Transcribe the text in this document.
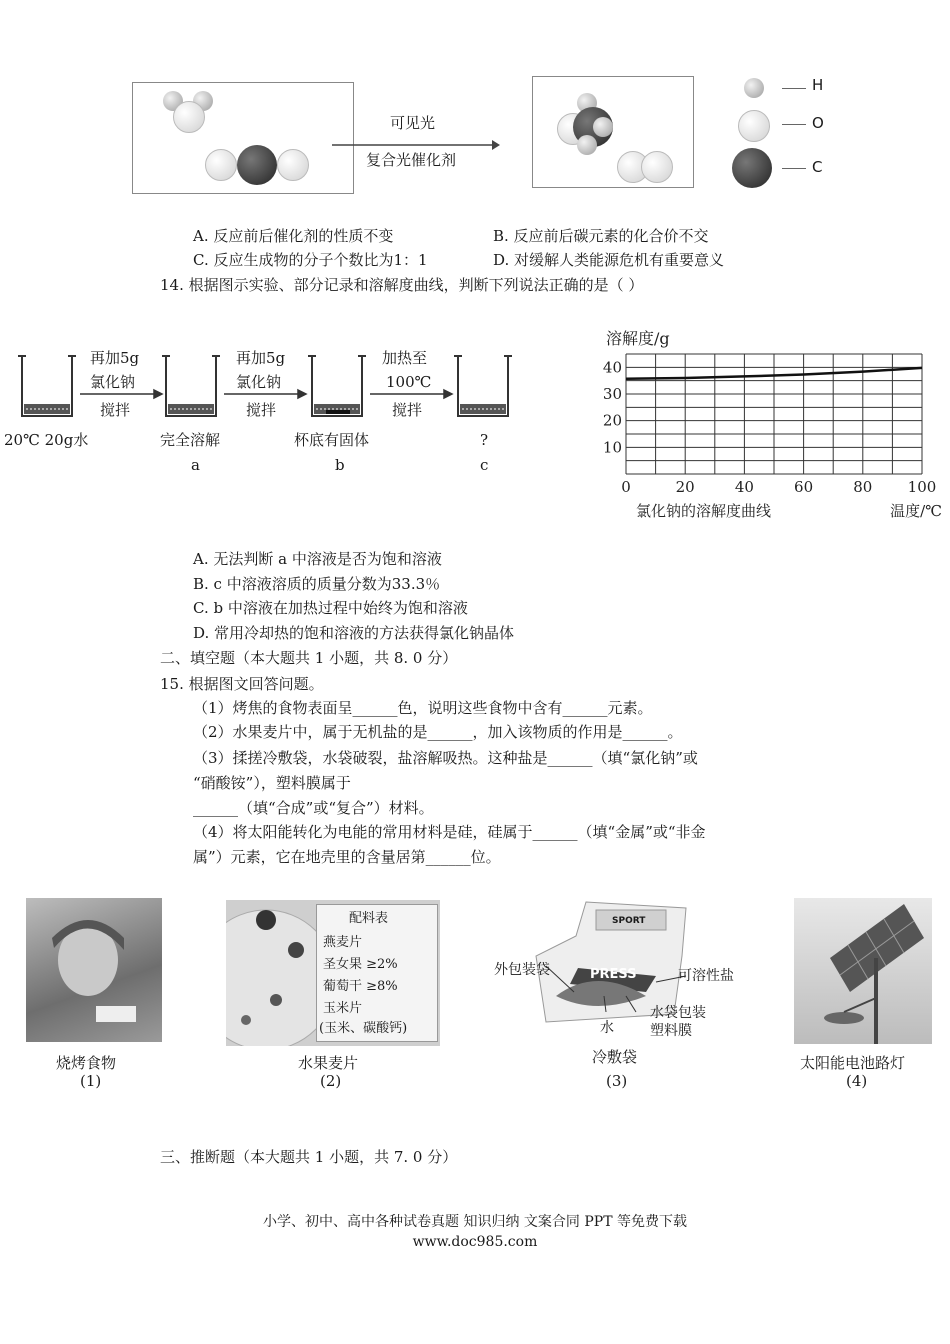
可见光
复合光催化剂
H
O
C
A. 反应前后催化剂的性质不变	B. 反应前后碳元素的化合价不交
C. 反应生成物的分子个数比为1：1	D. 对缓解人类能源危机有重要意义
14. 根据图示实验、部分记录和溶解度曲线，判断下列说法正确的是（ ）
再加5g
氯化钠
搅拌
再加5g
氯化钠
搅拌
加热至
100℃
搅拌
20℃ 20g水	完全溶解
a
杯底有固体
b
?
c
10
20
30
40
0	20	40	60	80 100
溶解度/g
温度/℃
氯化钠的溶解度曲线
A. 无法判断 a 中溶液是否为饱和溶液
B. c 中溶液溶质的质量分数为33.3％
C. b 中溶液在加热过程中始终为饱和溶液
D. 常用冷却热的饱和溶液的方法获得氯化钠晶体
二、填空题（本大题共 1 小题，共 8. 0 分）
15. 根据图文回答问题。
（1）烤焦的食物表面呈______色，说明这些食物中含有______元素。
（2）水果麦片中，属于无机盐的是______，加入该物质的作用是______。
（3）揉搓冷敷袋，水袋破裂，盐溶解吸热。这种盐是______（填“氯化钠”或
“硝酸铵”），塑料膜属于
______（填“合成”或“复合”）材料。
（4）将太阳能转化为电能的常用材料是硅，硅属于______（填“金属”或“非金
属”）元素，它在地壳里的含量居第______位。
烧烤食物
(1)
配料表
燕麦片
圣女果 ≥2%
葡萄干 ≥8%
玉米片
(玉米、碳酸钙)
水果麦片
(2)
SPORT
PRESS
外包装袋	可溶性盐
水
水袋包装
塑料膜
冷敷袋
(3)
太阳能电池路灯
(4)
三、推断题（本大题共 1 小题，共 7. 0 分）
小学、初中、高中各种试卷真题 知识归纳 文案合同 PPT 等免费下载
www.doc985.com
